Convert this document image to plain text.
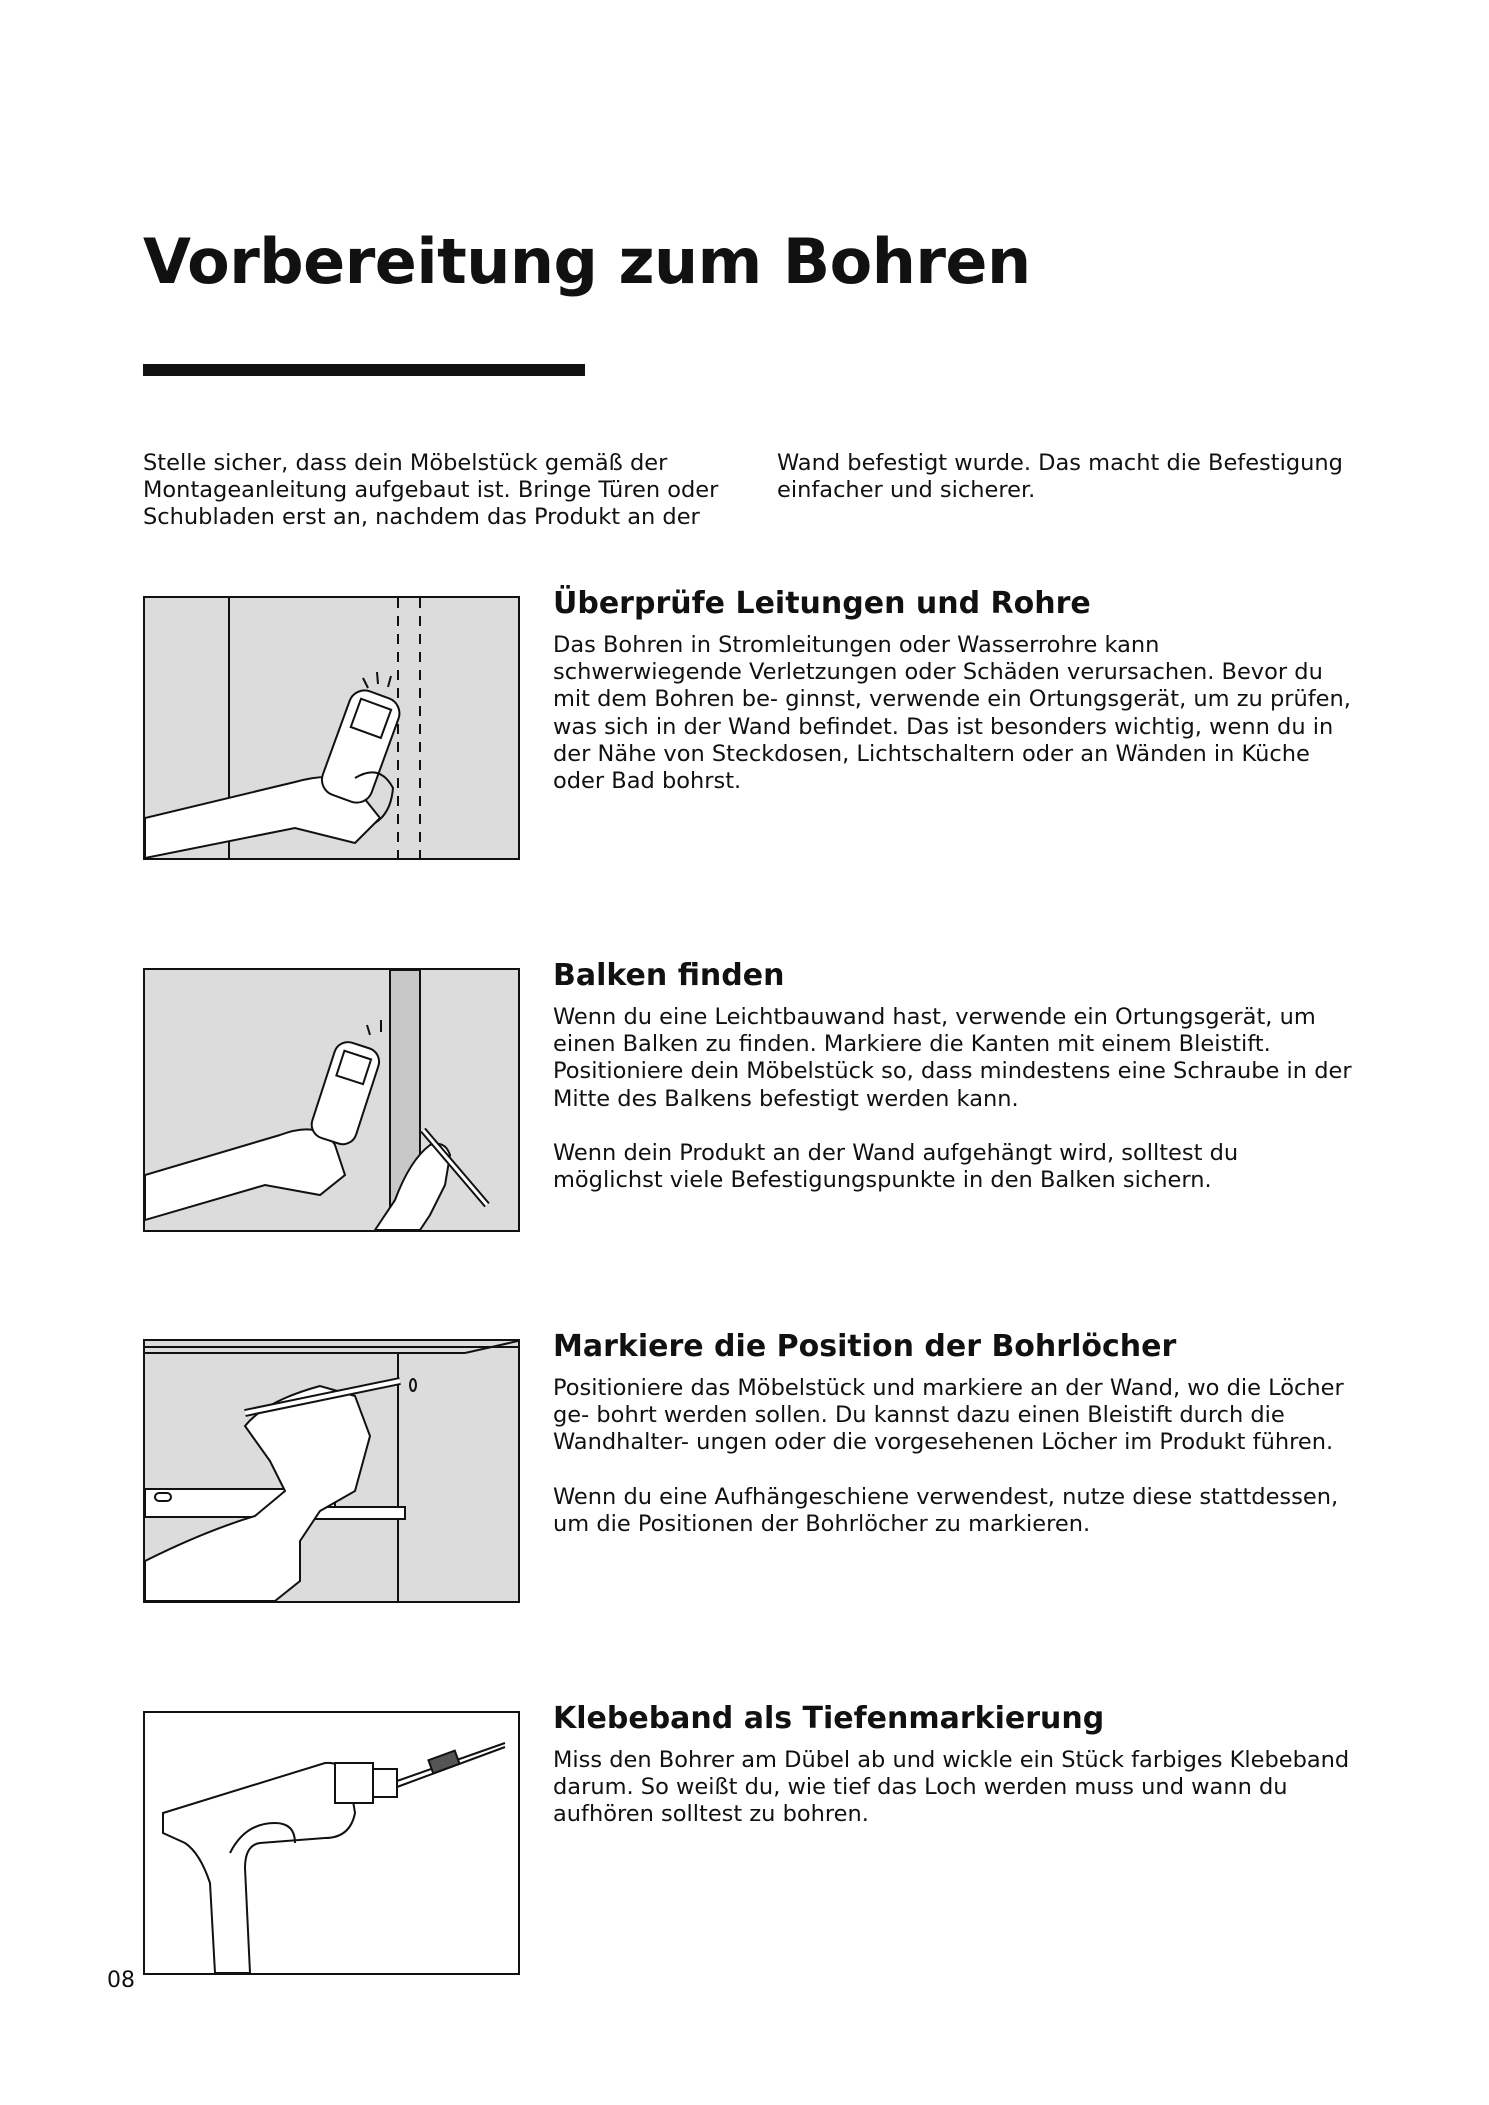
Vorbereitung zum Bohren

Stelle sicher, dass dein Möbelstück gemäß der Montageanleitung aufgebaut ist. Bringe Türen oder Schubladen erst an, nachdem das Produkt an der

Wand befestigt wurde. Das macht die Befestigung einfacher und sicherer.

Überprüfe Leitungen und Rohre

Das Bohren in Stromleitungen oder Wasserrohre kann schwerwiegende Verletzungen oder Schäden verursachen. Bevor du mit dem Bohren be- ginnst, verwende ein Ortungsgerät, um zu prüfen, was sich in der Wand befindet. Das ist besonders wichtig, wenn du in der Nähe von Steckdosen, Lichtschaltern oder an Wänden in Küche oder Bad bohrst.

Balken finden

Wenn du eine Leichtbauwand hast, verwende ein Ortungsgerät, um einen Balken zu finden. Markiere die Kanten mit einem Bleistift. Positioniere dein Möbelstück so, dass mindestens eine Schraube in der Mitte des Balkens befestigt werden kann.

Wenn dein Produkt an der Wand aufgehängt wird, solltest du möglichst viele Befestigungspunkte in den Balken sichern.

Markiere die Position der Bohrlöcher

Positioniere das Möbelstück und markiere an der Wand, wo die Löcher ge- bohrt werden sollen. Du kannst dazu einen Bleistift durch die Wandhalter- ungen oder die vorgesehenen Löcher im Produkt führen.

Wenn du eine Aufhängeschiene verwendest, nutze diese stattdessen, um die Positionen der Bohrlöcher zu markieren.

Klebeband als Tiefenmarkierung

Miss den Bohrer am Dübel ab und wickle ein Stück farbiges Klebeband darum. So weißt du, wie tief das Loch werden muss und wann du aufhören solltest zu bohren.

08
